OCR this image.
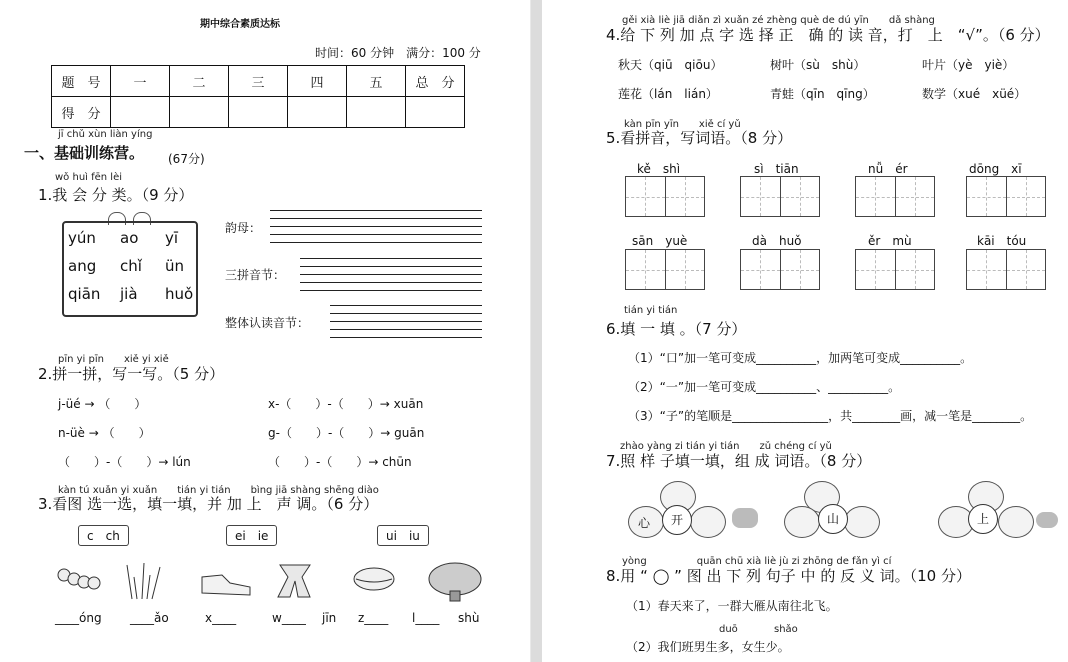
期中综合素质达标
时间：60 分钟　满分：100 分
题　号	一	二	三	四	五	总　分
得　分						
jī chǔ xùn liàn yíng
一、基础训练营。 (67分)
wǒ huì fēn lèi
1.我 会 分 类。（9 分）
yún ao yī
ang chǐ ün
qiān jià huǒ
韵母：
三拼音节：
整体认读音节：
pīn yi pīn　　xiě yi xiě
2.拼一拼，写一写。（5 分）
j-üé → （　　）	x-（　　）-（　　）→ xuān
n-üè → （　　）	g-（　　）-（　　）→ guān
（　　）-（　　）→ lún	（　　）-（　　）→ chūn
kàn tú xuǎn yi xuǎn　　tián yi tián　　bìng jiā shàng shēng diào
3.看图 选一选，填一填，并 加 上　声 调。（6 分）
c　ch	ei　ie	ui　iu
____óng ____ǎo	x____	w____ jīn z____ l____ shù
gěi xià liè jiā diǎn zì xuǎn zé zhèng què de dú yīn　　dǎ shàng
4.给 下 列 加 点 字 选 择 正　确 的 读 音，打　上　“√”。（6 分）
秋天（qiū　qiōu）	树叶（sù　shù）	叶片（yè　yiè）
莲花（lán　lián）	青蛙（qīn　qīng）	数学（xué　xüé）
kàn pīn yīn　　xiě cí yǔ
5.看拼音，写词语。（8 分）
kě　shì	sì　tiān	nǚ　ér	dōng　xī
sān　yuè	dà　huǒ	ěr　mù	kāi　tóu
tián yi tián
6.填 一 填 。（7 分）
（1）“口”加一笔可变成__________，加两笔可变成__________。
（2）“一”加一笔可变成__________、__________。
（3）“子”的笔顺是________________，共________画，减一笔是________。
zhào yàng zi tián yi tián　　zǔ chéng cí yǔ
7.照 样 子填一填，组 成 词语。（8 分）
心	开	山	上
yòng　　　　　quān chū xià liè jù zi zhōng de fǎn yì cí
8.用 “ ◯ ” 图 出 下 列 句子 中 的 反 义 词。（10 分）
（1）春天来了，一群大雁从南往北飞。
duō	shǎo
（2）我们班男生多，女生少。
